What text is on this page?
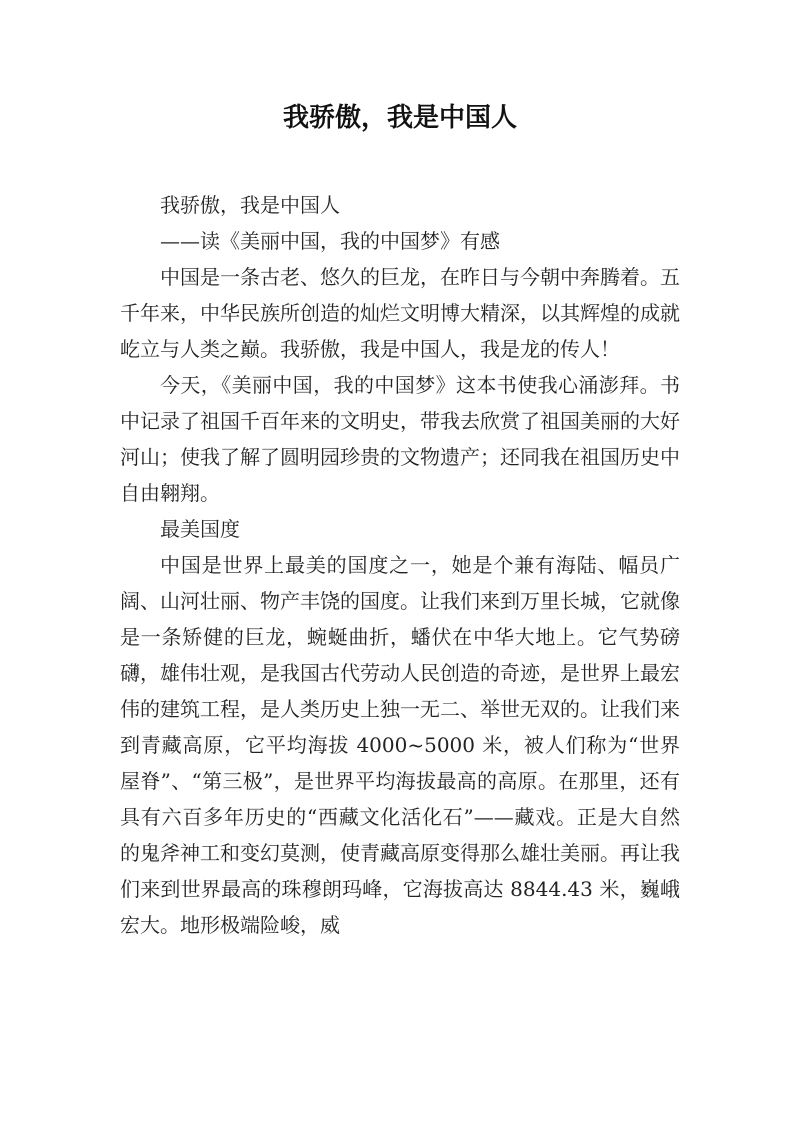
我骄傲，我是中国人

我骄傲，我是中国人

——读《美丽中国，我的中国梦》有感

中国是一条古老、悠久的巨龙，在昨日与今朝中奔腾着。五千年来，中华民族所创造的灿烂文明博大精深，以其辉煌的成就屹立与人类之巅。我骄傲，我是中国人，我是龙的传人！

今天，《美丽中国，我的中国梦》这本书使我心涌澎拜。书中记录了祖国千百年来的文明史，带我去欣赏了祖国美丽的大好河山；使我了解了圆明园珍贵的文物遗产；还同我在祖国历史中自由翱翔。

最美国度

中国是世界上最美的国度之一，她是个兼有海陆、幅员广阔、山河壮丽、物产丰饶的国度。让我们来到万里长城，它就像是一条矫健的巨龙，蜿蜒曲折，蟠伏在中华大地上。它气势磅礴，雄伟壮观，是我国古代劳动人民创造的奇迹，是世界上最宏伟的建筑工程，是人类历史上独一无二、举世无双的。让我们来到青藏高原，它平均海拔 4000~5000 米，被人们称为“世界屋脊”、“第三极”，是世界平均海拔最高的高原。在那里，还有具有六百多年历史的“西藏文化活化石”——藏戏。正是大自然的鬼斧神工和变幻莫测，使青藏高原变得那么雄壮美丽。再让我们来到世界最高的珠穆朗玛峰，它海拔高达 8844.43 米，巍峨宏大。地形极端险峻，威
